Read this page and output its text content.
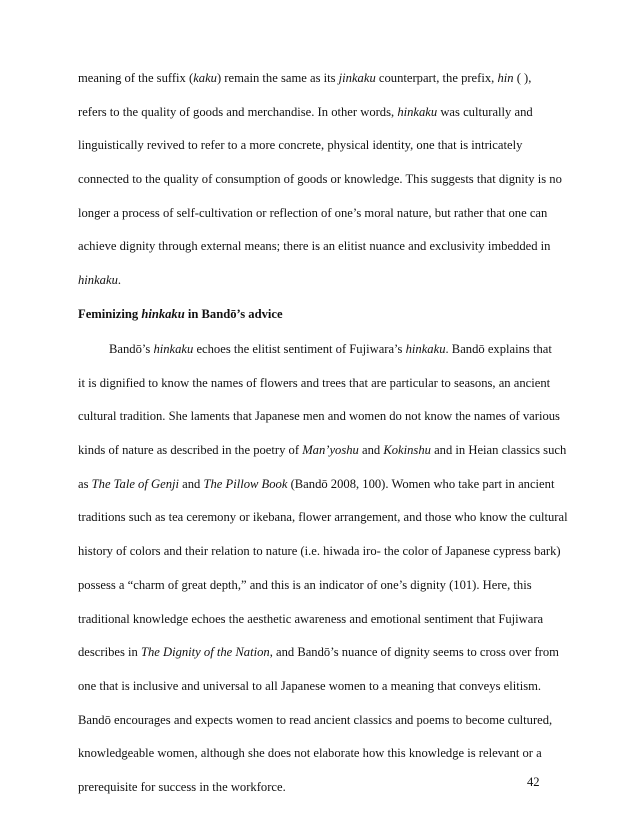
meaning of the suffix (kaku) remain the same as its jinkaku counterpart, the prefix, hin ( ),
refers to the quality of goods and merchandise. In other words, hinkaku was culturally and
linguistically revived to refer to a more concrete, physical identity, one that is intricately
connected to the quality of consumption of goods or knowledge. This suggests that dignity is no
longer a process of self-cultivation or reflection of one’s moral nature, but rather that one can
achieve dignity through external means; there is an elitist nuance and exclusivity imbedded in
hinkaku.
Feminizing hinkaku in Bandō’s advice
Bandō’s hinkaku echoes the elitist sentiment of Fujiwara’s hinkaku. Bandō explains that
it is dignified to know the names of flowers and trees that are particular to seasons, an ancient
cultural tradition. She laments that Japanese men and women do not know the names of various
kinds of nature as described in the poetry of Man’yoshu and Kokinshu and in Heian classics such
as The Tale of Genji and The Pillow Book (Bandō 2008, 100). Women who take part in ancient
traditions such as tea ceremony or ikebana, flower arrangement, and those who know the cultural
history of colors and their relation to nature (i.e. hiwada iro- the color of Japanese cypress bark)
possess a “charm of great depth,” and this is an indicator of one’s dignity (101). Here, this
traditional knowledge echoes the aesthetic awareness and emotional sentiment that Fujiwara
describes in The Dignity of the Nation, and Bandō’s nuance of dignity seems to cross over from
one that is inclusive and universal to all Japanese women to a meaning that conveys elitism.
Bandō encourages and expects women to read ancient classics and poems to become cultured,
knowledgeable women, although she does not elaborate how this knowledge is relevant or a
prerequisite for success in the workforce.	42
